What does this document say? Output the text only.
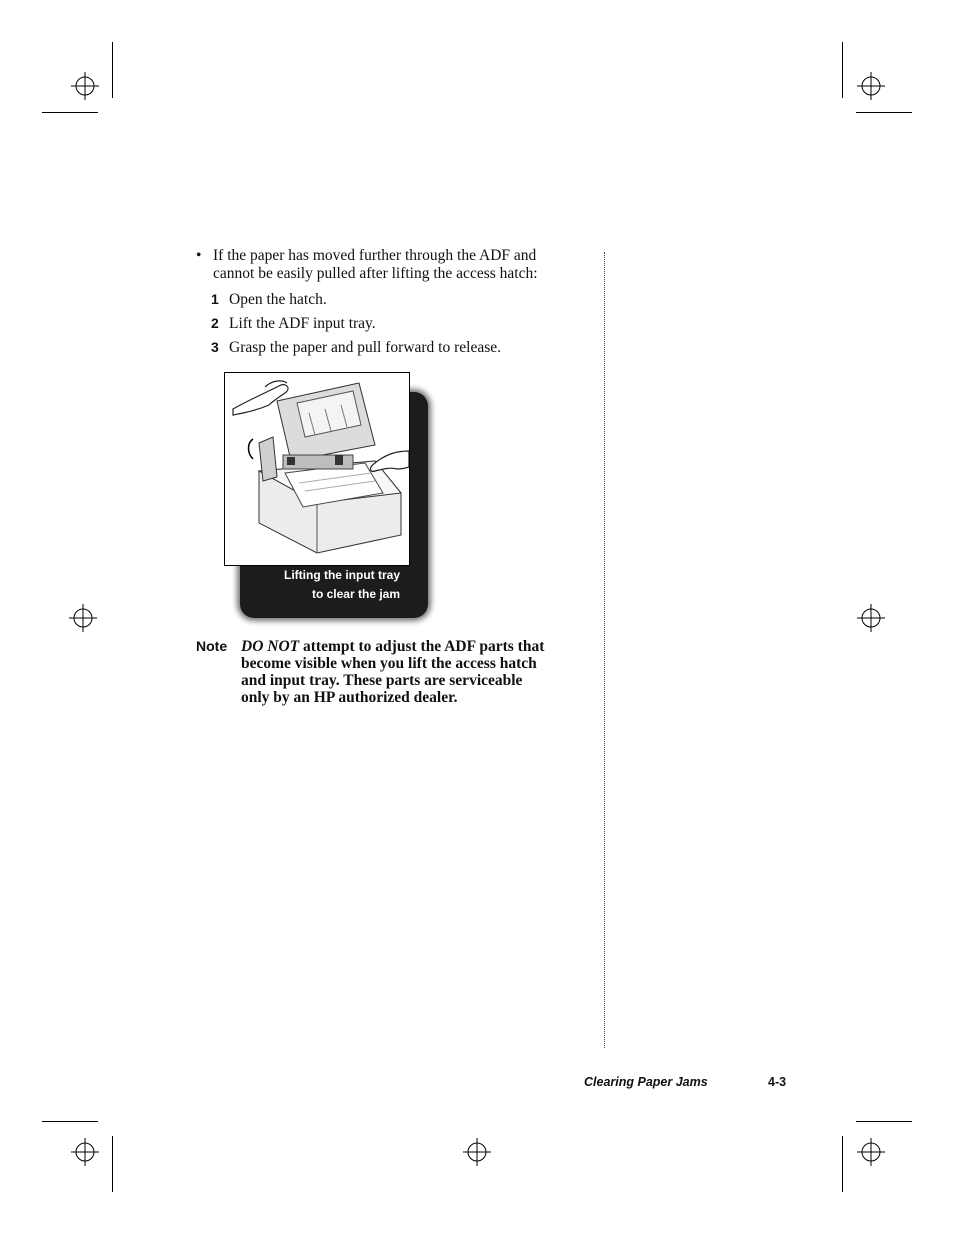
• If the paper has moved further through the ADF and cannot be easily pulled after lifting the access hatch:
1 Open the hatch.
2 Lift the ADF input tray.
3 Grasp the paper and pull forward to release.
Lifting the input tray
to clear the jam
Note DO NOT attempt to adjust the ADF parts that become visible when you lift the access hatch and input tray. These parts are serviceable only by an HP authorized dealer.
Clearing Paper Jams	4-3
